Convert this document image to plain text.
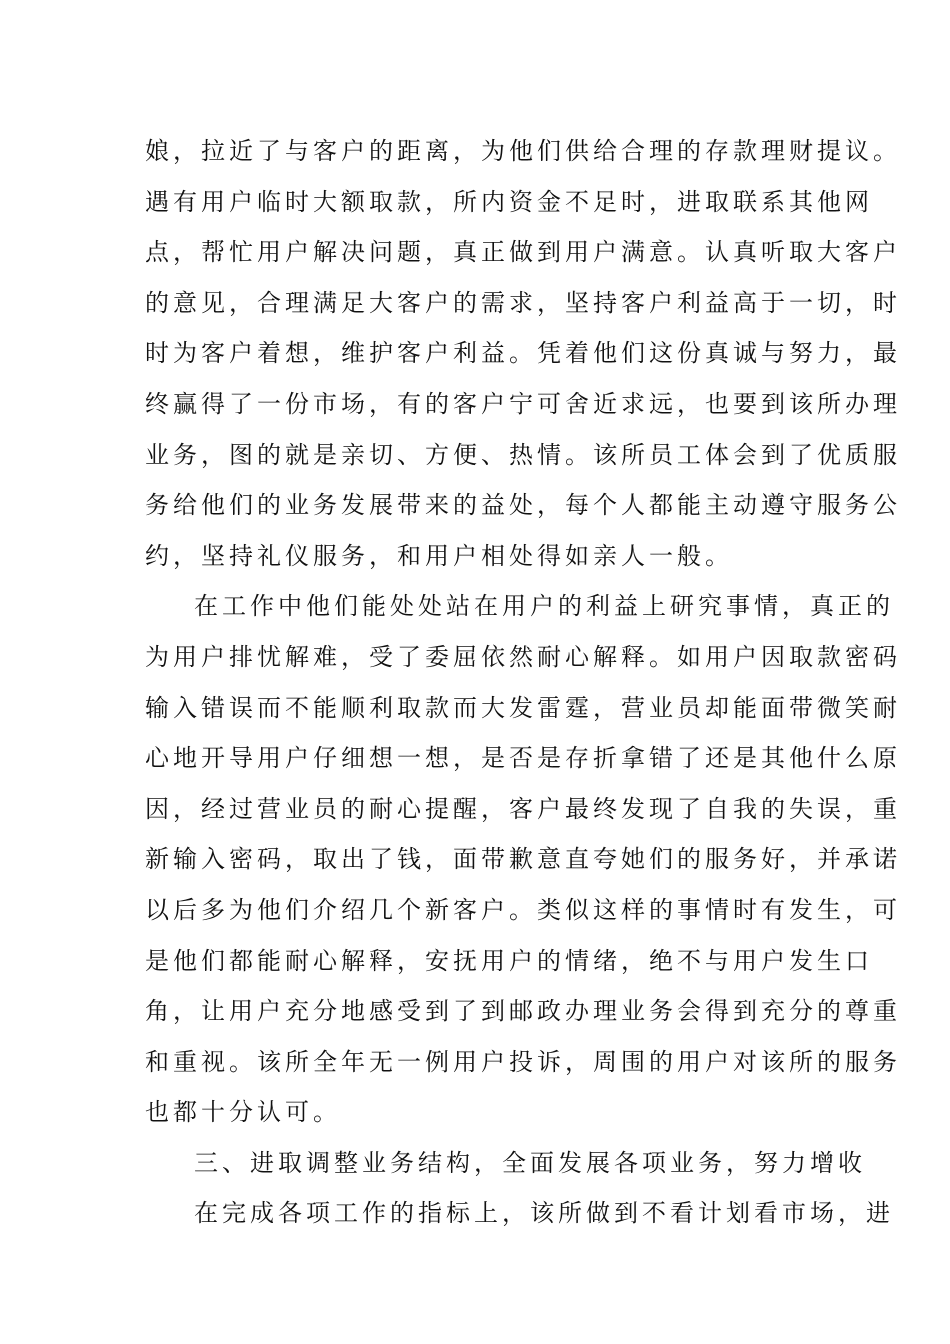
娘，拉近了与客户的距离，为他们供给合理的存款理财提议。
遇有用户临时大额取款，所内资金不足时，进取联系其他网
点，帮忙用户解决问题，真正做到用户满意。认真听取大客户
的意见，合理满足大客户的需求，坚持客户利益高于一切，时
时为客户着想，维护客户利益。凭着他们这份真诚与努力，最
终赢得了一份市场，有的客户宁可舍近求远，也要到该所办理
业务，图的就是亲切、方便、热情。该所员工体会到了优质服
务给他们的业务发展带来的益处，每个人都能主动遵守服务公
约，坚持礼仪服务，和用户相处得如亲人一般。
在工作中他们能处处站在用户的利益上研究事情，真正的
为用户排忧解难，受了委屈依然耐心解释。如用户因取款密码
输入错误而不能顺利取款而大发雷霆，营业员却能面带微笑耐
心地开导用户仔细想一想，是否是存折拿错了还是其他什么原
因，经过营业员的耐心提醒，客户最终发现了自我的失误，重
新输入密码，取出了钱，面带歉意直夸她们的服务好，并承诺
以后多为他们介绍几个新客户。类似这样的事情时有发生，可
是他们都能耐心解释，安抚用户的情绪，绝不与用户发生口
角，让用户充分地感受到了到邮政办理业务会得到充分的尊重
和重视。该所全年无一例用户投诉，周围的用户对该所的服务
也都十分认可。
三、进取调整业务结构，全面发展各项业务，努力增收
在完成各项工作的指标上，该所做到不看计划看市场，进
